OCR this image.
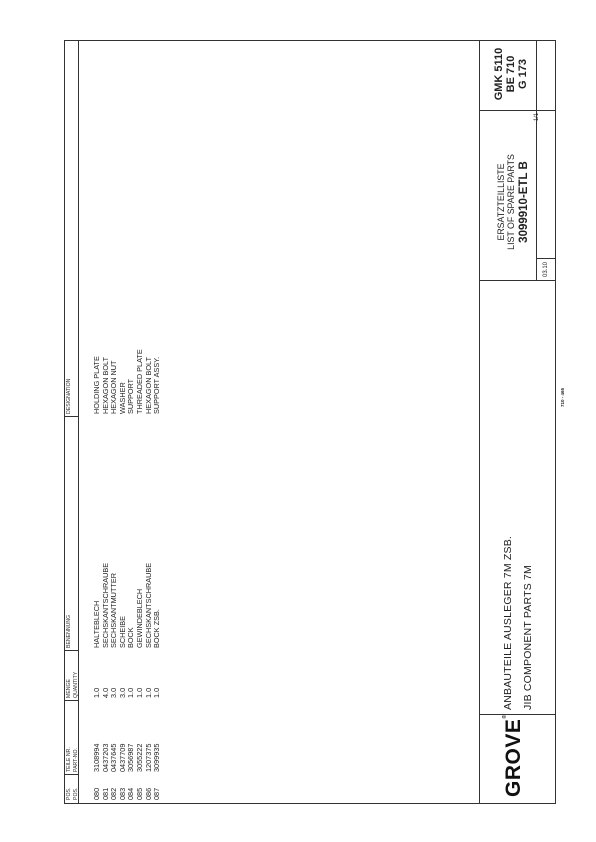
POS. POS.
TEILE NR. PART-NO.
MENGE QUANTITY
BENENNUNG
DESIGNATION
080 081 082 083 084 085 086 087
3108994 0437203 0437645 0437709 3056987 3055222 1207375 3099935
1.0 4.0 3.0 3.0 1.0 1.0 1.0 1.0
HALTEBLECH SECHSKANTSCHRAUBE SECHSKANTMUTTER SCHEIBE BOCK GEWINDEBLECH SECHSKANTSCHRAUBE BOCK ZSB.
HOLDING PLATE HEXAGON BOLT HEXAGON NUT WASHER SUPPORT THREADED PLATE HEXAGON BOLT SUPPORT ASSY.
GROVE®
ANBAUTEILE AUSLEGER 7M ZSB. JIB COMPONENT PARTS 7M
ERSATZTEILLISTE LIST OF SPARE PARTS 3099910-ETL B
03.10
1/1
GMK 5110 BE 710 G 173
710 - 465
